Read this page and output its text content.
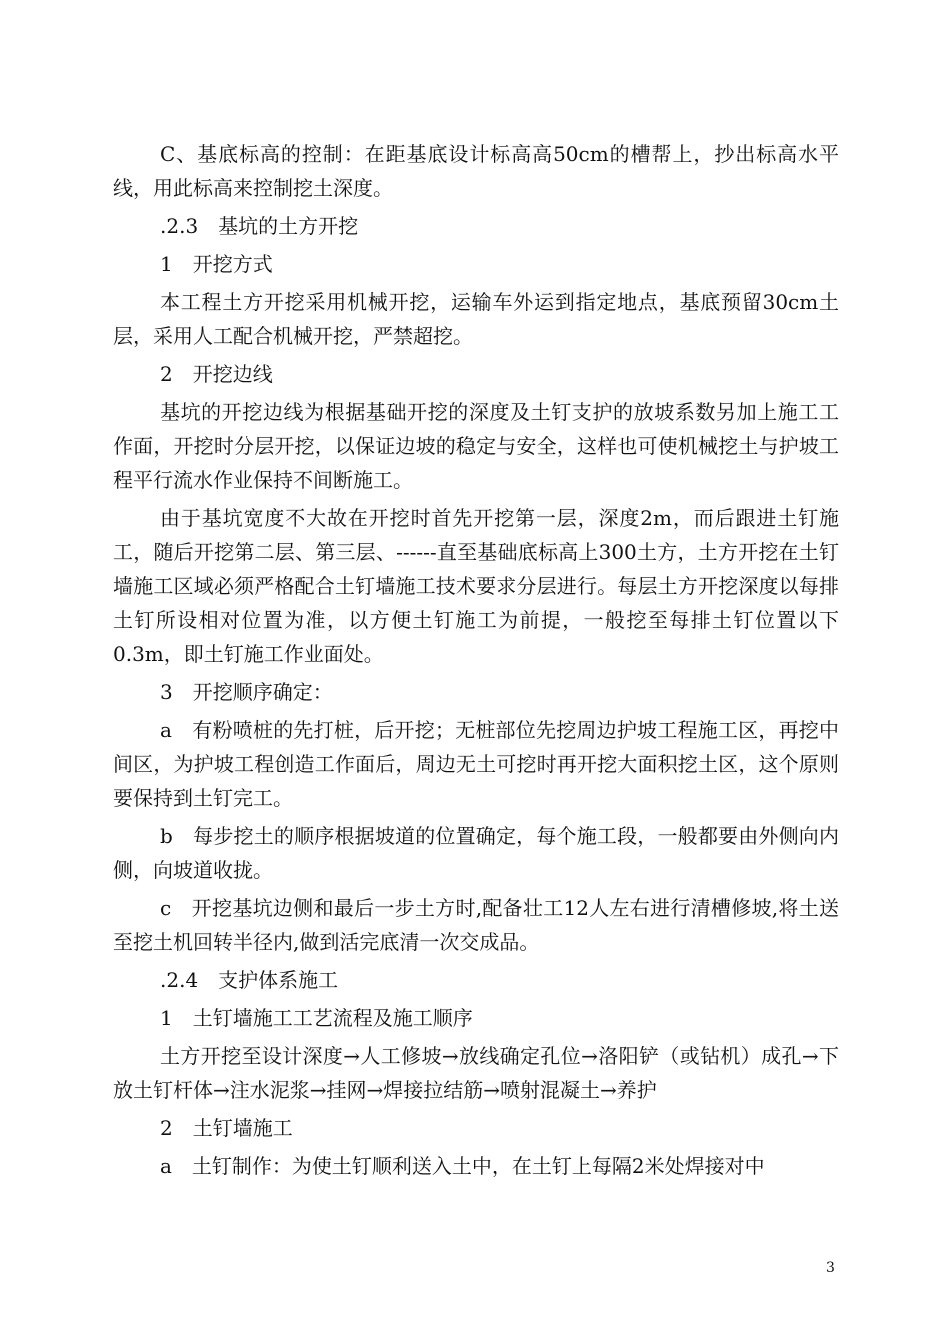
C、基底标高的控制：在距基底设计标高高50cm的槽帮上，抄出标高水平线，用此标高来控制挖土深度。

.2.3　基坑的土方开挖

1　开挖方式

本工程土方开挖采用机械开挖，运输车外运到指定地点，基底预留30cm土层，采用人工配合机械开挖，严禁超挖。

2　开挖边线

基坑的开挖边线为根据基础开挖的深度及土钉支护的放坡系数另加上施工工作面，开挖时分层开挖，以保证边坡的稳定与安全，这样也可使机械挖土与护坡工程平行流水作业保持不间断施工。

由于基坑宽度不大故在开挖时首先开挖第一层，深度2m，而后跟进土钉施工，随后开挖第二层、第三层、------直至基础底标高上300土方，土方开挖在土钉墙施工区域必须严格配合土钉墙施工技术要求分层进行。每层土方开挖深度以每排土钉所设相对位置为准，以方便土钉施工为前提，一般挖至每排土钉位置以下0.3m，即土钉施工作业面处。

3　开挖顺序确定：

a　有粉喷桩的先打桩，后开挖；无桩部位先挖周边护坡工程施工区，再挖中间区，为护坡工程创造工作面后，周边无土可挖时再开挖大面积挖土区，这个原则要保持到土钉完工。

b　每步挖土的顺序根据坡道的位置确定，每个施工段，一般都要由外侧向内侧，向坡道收拢。

c　开挖基坑边侧和最后一步土方时,配备壮工12人左右进行清槽修坡,将土送至挖土机回转半径内,做到活完底清一次交成品。

.2.4　支护体系施工

1　土钉墙施工工艺流程及施工顺序

土方开挖至设计深度→人工修坡→放线确定孔位→洛阳铲（或钻机）成孔→下放土钉杆体→注水泥浆→挂网→焊接拉结筋→喷射混凝土→养护

2　土钉墙施工

a　土钉制作：为使土钉顺利送入土中，在土钉上每隔2米处焊接对中

3
